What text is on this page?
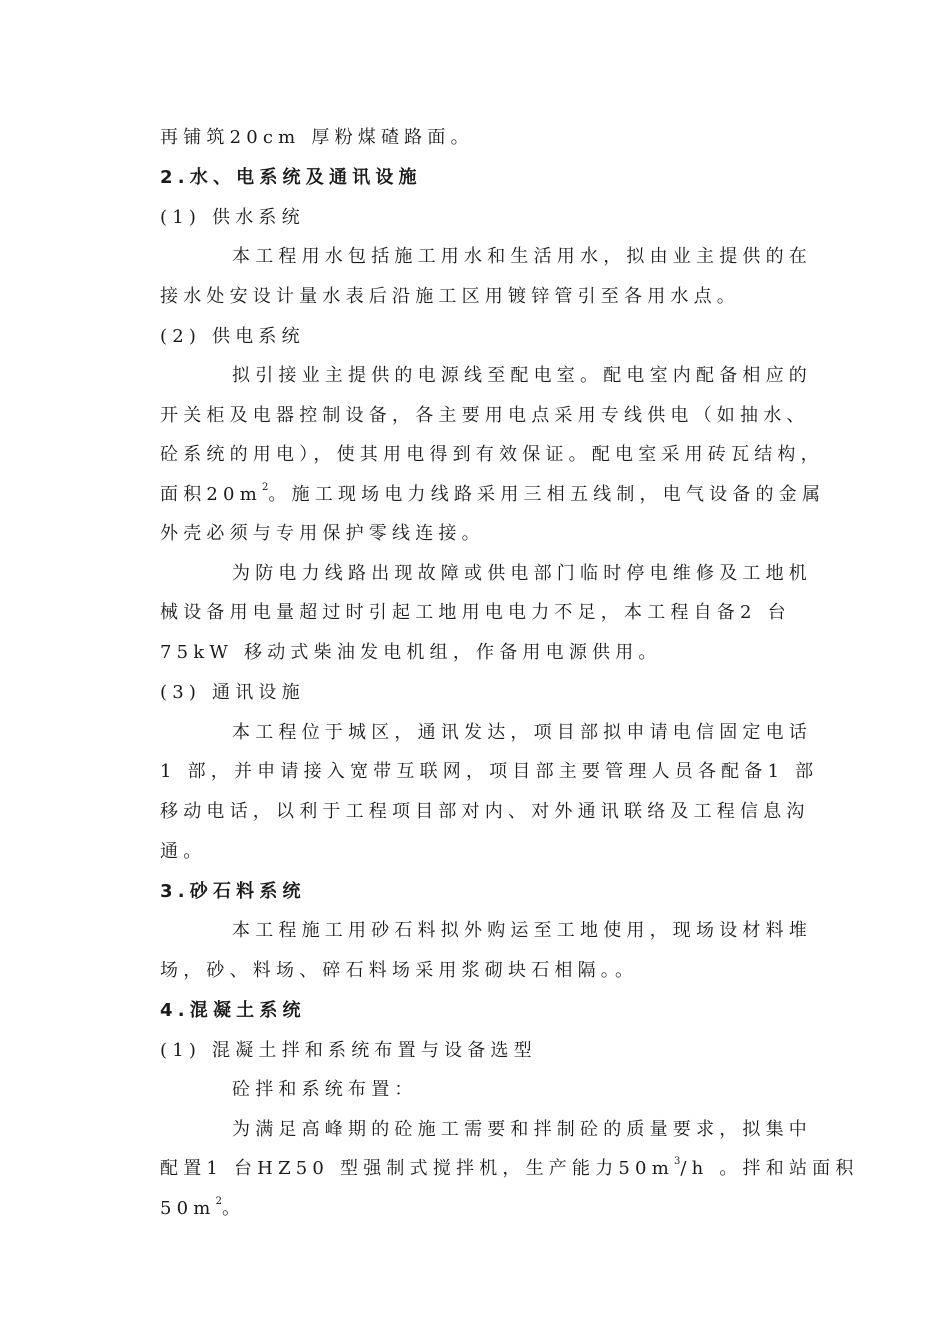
再铺筑20cm 厚粉煤碴路面。
2.水、电系统及通讯设施
(1) 供水系统
本工程用水包括施工用水和生活用水，拟由业主提供的在
接水处安设计量水表后沿施工区用镀锌管引至各用水点。
(2) 供电系统
拟引接业主提供的电源线至配电室。配电室内配备相应的
开关柜及电器控制设备，各主要用电点采用专线供电（如抽水、
砼系统的用电），使其用电得到有效保证。配电室采用砖瓦结构，
面积$20m^2$。施工现场电力线路采用三相五线制，电气设备的金属
外壳必须与专用保护零线连接。
为防电力线路出现故障或供电部门临时停电维修及工地机
械设备用电量超过时引起工地用电电力不足，本工程自备2 台
75kW 移动式柴油发电机组，作备用电源供用。
(3) 通讯设施
本工程位于城区，通讯发达，项目部拟申请电信固定电话
1 部，并申请接入宽带互联网，项目部主要管理人员各配备1 部
移动电话，以利于工程项目部对内、对外通讯联络及工程信息沟
通。
3.砂石料系统
本工程施工用砂石料拟外购运至工地使用，现场设材料堆
场，砂、料场、碎石料场采用浆砌块石相隔。。
4.混凝土系统
(1) 混凝土拌和系统布置与设备选型
砼拌和系统布置：
为满足高峰期的砼施工需要和拌制砼的质量要求，拟集中
配置1 台HZ50 型强制式搅拌机，生产能力$50m^3/h$ 。拌和站面积
$50m^2$。
